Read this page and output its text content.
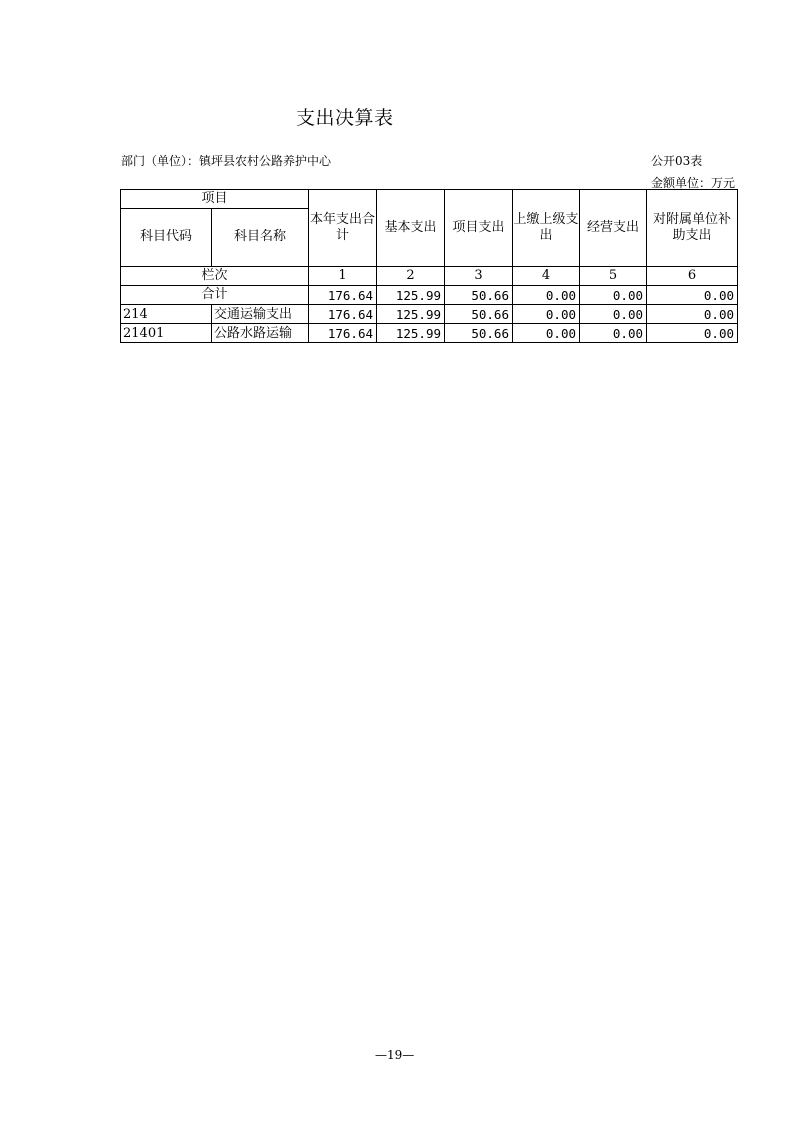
支出决算表
部门（单位）：镇坪县农村公路养护中心	公开03表
金额单位：万元
项目		本年支出合计	基本支出	项目支出	上缴上级支出	经营支出	对附属单位补助支出
科目代码	科目名称						
栏次		1	2	3	4	5	6
合计		176.64	125.99	50.66	0.00	0.00	0.00
214	交通运输支出	176.64	125.99	50.66	0.00	0.00	0.00
21401	公路水路运输	176.64	125.99	50.66	0.00	0.00	0.00
—19—
